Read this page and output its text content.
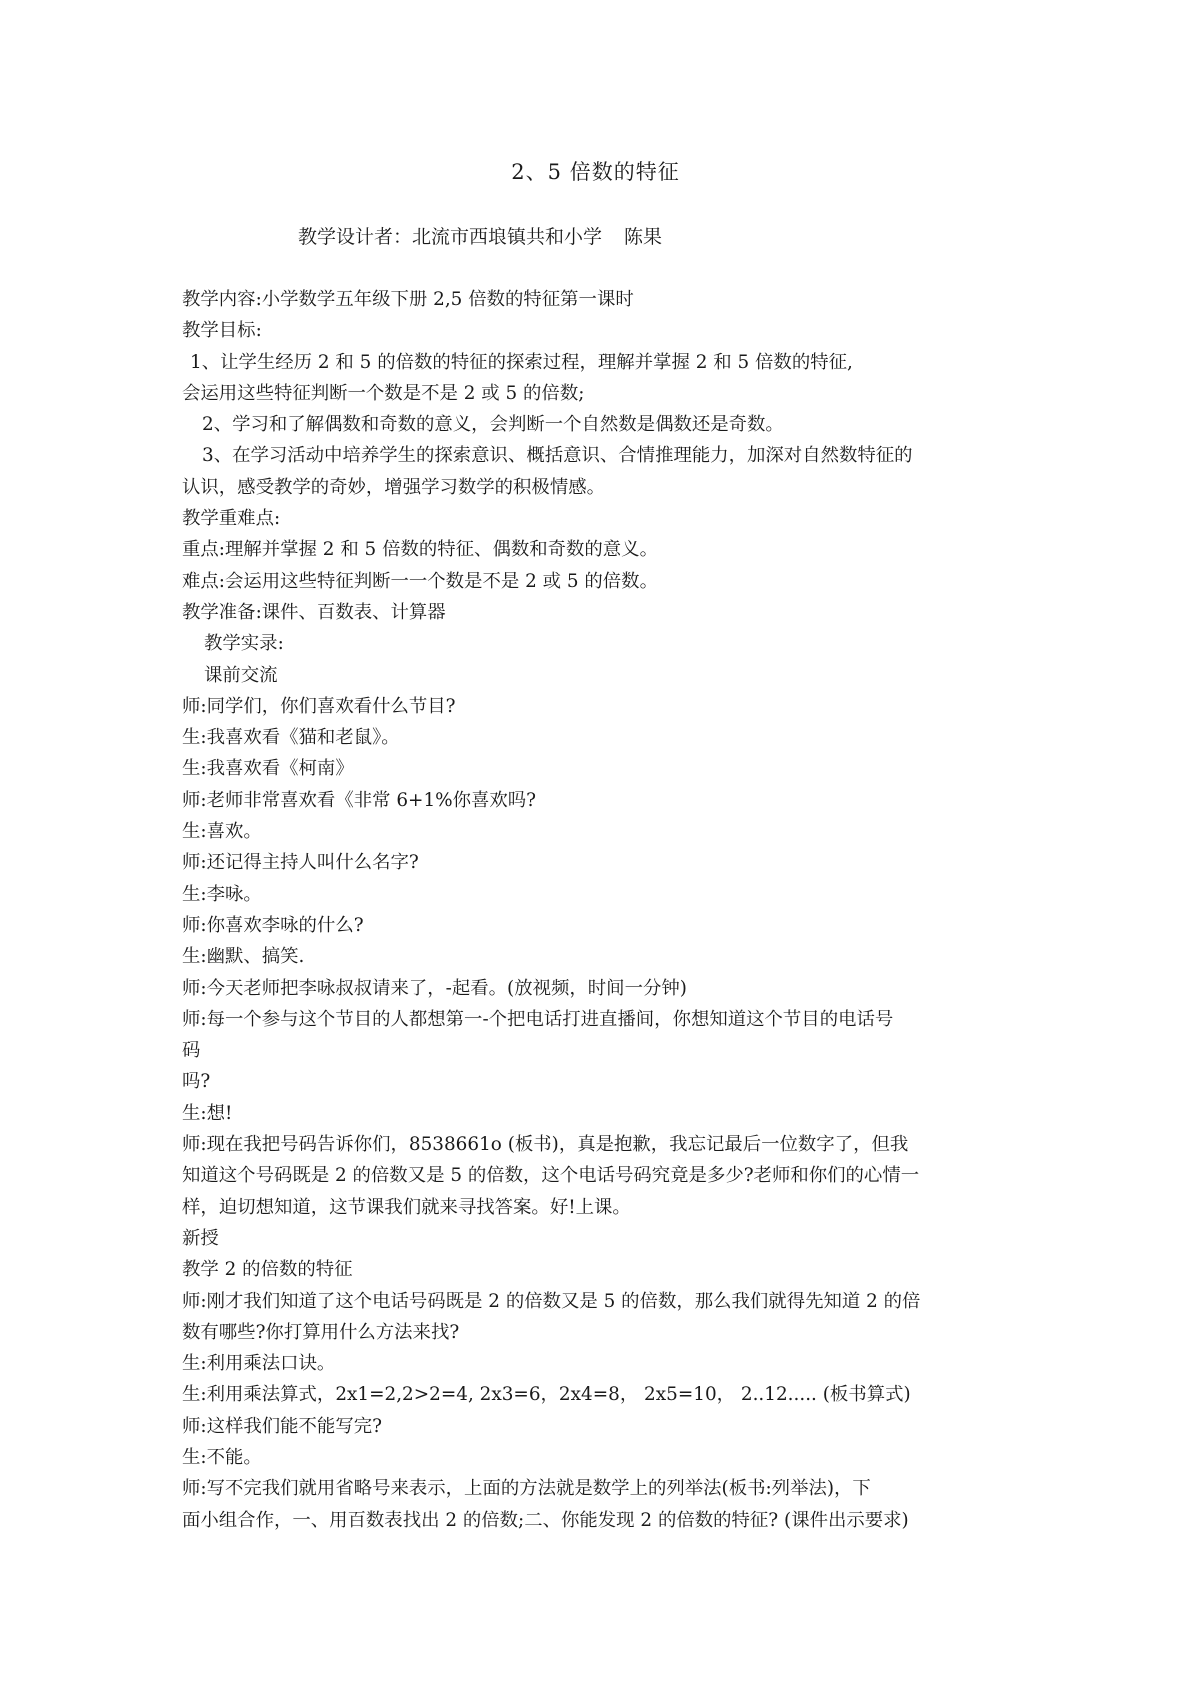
2、5 倍数的特征
教学设计者：北流市西埌镇共和小学 陈果
教学内容:小学数学五年级下册 2,5 倍数的特征第一课时
教学目标:
1、让学生经历 2 和 5 的倍数的特征的探索过程，理解并掌握 2 和 5 倍数的特征,
会运用这些特征判断一个数是不是 2 或 5 的倍数;
2、学习和了解偶数和奇数的意义，会判断一个自然数是偶数还是奇数。
3、在学习活动中培养学生的探索意识、概括意识、合情推理能力，加深对自然数特征的
认识，感受教学的奇妙，增强学习数学的积极情感。
教学重难点:
重点:理解并掌握 2 和 5 倍数的特征、偶数和奇数的意义。
难点:会运用这些特征判断一一个数是不是 2 或 5 的倍数。
教学准备:课件、百数表、计算器
教学实录:
课前交流
师:同学们，你们喜欢看什么节目?
生:我喜欢看《猫和老鼠》。
生:我喜欢看《柯南》
师:老师非常喜欢看《非常 6+1%你喜欢吗?
生:喜欢。
师:还记得主持人叫什么名字?
生:李咏。
师:你喜欢李咏的什么?
生:幽默、搞笑.
师:今天老师把李咏叔叔请来了，-起看。(放视频，时间一分钟)
师:每一个参与这个节目的人都想第一-个把电话打进直播间，你想知道这个节目的电话号
码
吗?
生:想!
师:现在我把号码告诉你们，8538661o (板书)，真是抱歉，我忘记最后一位数字了，但我
知道这个号码既是 2 的倍数又是 5 的倍数，这个电话号码究竟是多少?老师和你们的心情一
样，迫切想知道，这节课我们就来寻找答案。好!上课。
新授
教学 2 的倍数的特征
师:刚才我们知道了这个电话号码既是 2 的倍数又是 5 的倍数，那么我们就得先知道 2 的倍
数有哪些?你打算用什么方法来找?
生:利用乘法口诀。
生:利用乘法算式，2x1=2,2>2=4, 2x3=6，2x4=8， 2x5=10， 2..12..... (板书算式)
师:这样我们能不能写完?
生:不能。
师:写不完我们就用省略号来表示，上面的方法就是数学上的列举法(板书:列举法)，下
面小组合作，一、用百数表找出 2 的倍数;二、你能发现 2 的倍数的特征? (课件出示要求)
